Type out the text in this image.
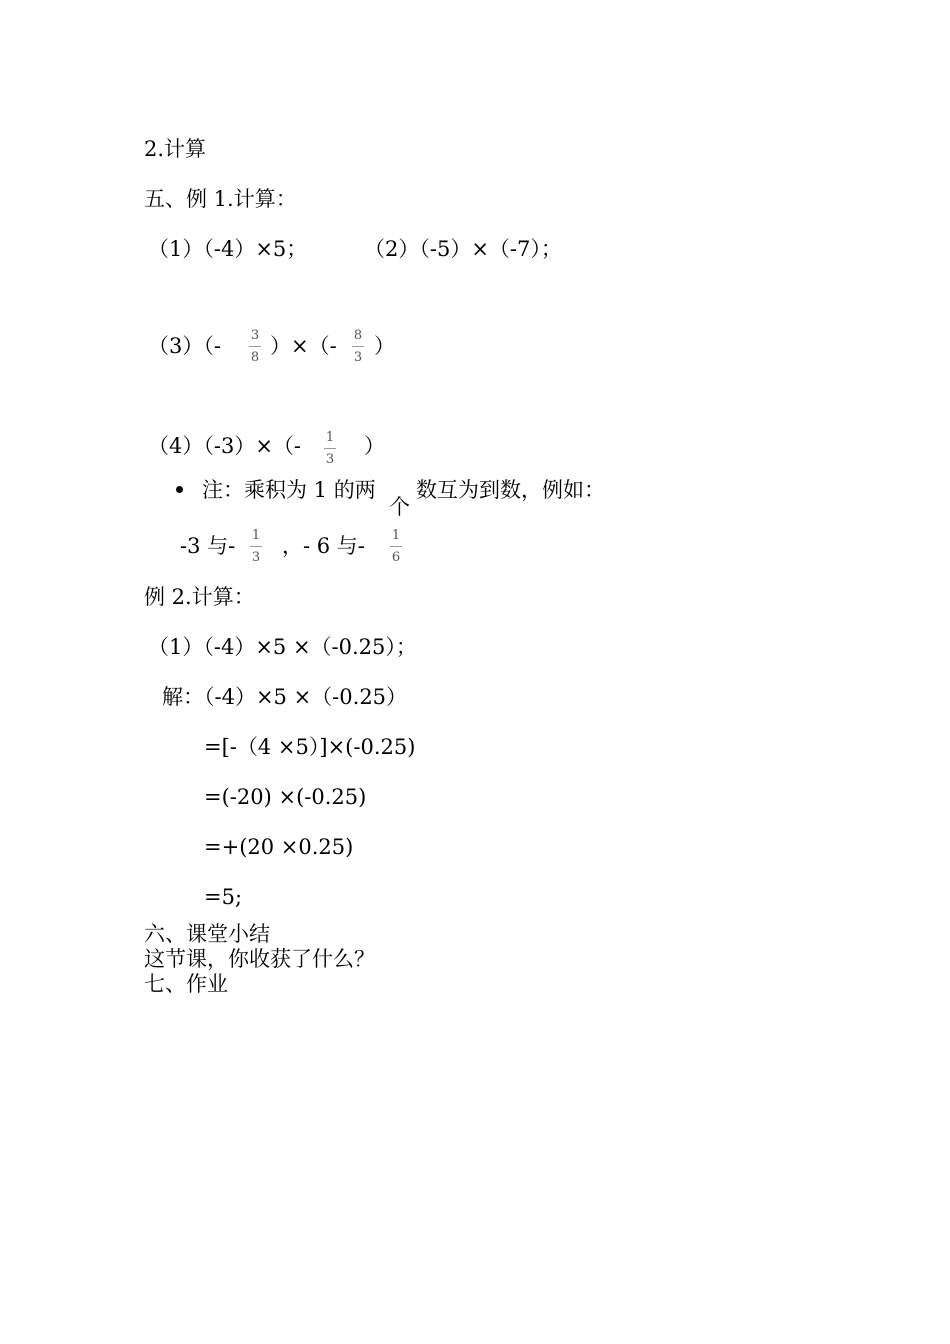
2.计算
五、例 1.计算：
（1）（-4）×5；	（2）（-5）×（-7）；
（3）（- 3
8 ）×（- 8
3 ）
（4）（-3）×（- 1
3
）
注：乘积为 1 的两
个
数互为到数，例如：
-3 与- 1
3 ，- 6 与- 1
6
例 2.计算：
（1）（-4）×5 ×（-0.25）；
解：（-4）×5 ×（-0.25）
=[-（4 ×5）]×(-0.25)
=(-20) ×(-0.25)
=+(20 ×0.25)
=5;
六、课堂小结
这节课，你收获了什么？
七、作业
